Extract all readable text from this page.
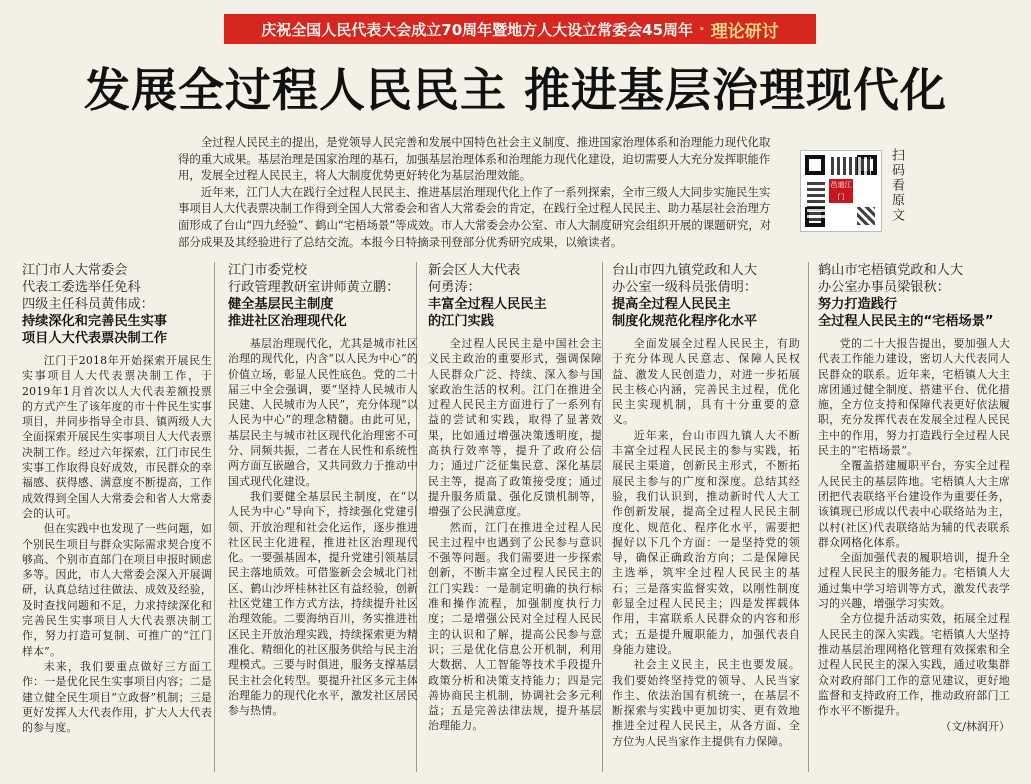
庆祝全国人民代表大会成立70周年暨地方人大设立常委会45周年 · 理论研讨
发展全过程人民民主 推进基层治理现代化

全过程人民民主的提出，是党领导人民完善和发展中国特色社会主义制度、推进国家治理体系和治理能力现代化取得的重大成果。基层治理是国家治理的基石，加强基层治理体系和治理能力现代化建设，迫切需要人大充分发挥职能作用，发展全过程人民民主，将人大制度优势更好转化为基层治理效能。

近年来，江门人大在践行全过程人民民主、推进基层治理现代化上作了一系列探索，全市三级人大同步实施民生实事项目人大代表票决制工作得到全国人大常委会和省人大常委会的肯定，在践行全过程人民民主、助力基层社会治理方面形成了台山“四九经验”、鹤山“宅梧场景”等成效。市人大常委会办公室、市人大制度研究会组织开展的课题研究，对部分成果及其经验进行了总结交流。本报今日特摘录刊登部分优秀研究成果，以飨读者。

邑道江门	扫码看原文
江门市人大常委会
代表工委选举任免科
四级主任科员黄伟成：
持续深化和完善民生实事
项目人大代表票决制工作

江门于2018年开始探索开展民生实事项目人大代表票决制工作，于2019年1月首次以人大代表差额投票的方式产生了该年度的市十件民生实事项目，并同步指导全市县、镇两级人大全面探索开展民生实事项目人大代表票决制工作。经过六年探索，江门市民生实事工作取得良好成效，市民群众的幸福感、获得感、满意度不断提高，工作成效得到全国人大常委会和省人大常委会的认可。

但在实践中也发现了一些问题，如个别民生项目与群众实际需求契合度不够高、个别市直部门在项目申报时顾虑多等。因此，市人大常委会深入开展调研，认真总结过往做法、成效及经验，及时查找问题和不足，力求持续深化和完善民生实事项目人大代表票决制工作，努力打造可复制、可推广的“江门样本”。

未来，我们要重点做好三方面工作：一是优化民生实事项目内容；二是建立健全民生项目“立政督”机制；三是更好发挥人大代表作用，扩大人大代表的参与度。

江门市委党校
行政管理教研室讲师黄立鹏：
健全基层民主制度
推进社区治理现代化

基层治理现代化，尤其是城市社区治理的现代化，内含“以人民为中心”的价值立场，彰显人民性底色。党的二十届三中全会强调，要“坚持人民城市人民建、人民城市为人民”，充分体现“以人民为中心”的理念精髓。由此可见，基层民主与城市社区现代化治理密不可分、同频共振，二者在人民性和系统性两方面互嵌融合，又共同致力于推动中国式现代化建设。

我们要健全基层民主制度，在“以人民为中心”导向下，持续强化党建引领、开放治理和社会化运作，逐步推进社区民主化进程，推进社区治理现代化。一要强基固本，提升党建引领基层民主落地质效。可借鉴新会会城北门社区、鹤山沙坪桂林社区有益经验，创新社区党建工作方式方法，持续提升社区治理效能。二要海纳百川，务实推进社区民主开放治理实践，持续探索更为精准化、精细化的社区服务供给与民主治理模式。三要与时俱进，服务支撑基层民主社会化转型。要提升社区多元主体治理能力的现代化水平，激发社区居民参与热情。

新会区人大代表
何勇涛：
丰富全过程人民民主
的江门实践

全过程人民民主是中国社会主义民主政治的重要形式，强调保障人民群众广泛、持续、深入参与国家政治生活的权利。江门在推进全过程人民民主方面进行了一系列有益的尝试和实践，取得了显著效果，比如通过增强决策透明度，提高执行效率等，提升了政府公信力；通过广泛征集民意、深化基层民主等，提高了政策接受度；通过提升服务质量、强化反馈机制等，增强了公民满意度。

然而，江门在推进全过程人民民主过程中也遇到了公民参与意识不强等问题。我们需要进一步探索创新，不断丰富全过程人民民主的江门实践：一是制定明确的执行标准和操作流程，加强制度执行力度；二是增强公民对全过程人民民主的认识和了解，提高公民参与意识；三是优化信息公开机制，利用大数据、人工智能等技术手段提升政策分析和决策支持能力；四是完善协商民主机制，协调社会多元利益；五是完善法律法规，提升基层治理能力。

台山市四九镇党政和人大
办公室一级科员张倩明：
提高全过程人民民主
制度化规范化程序化水平

全面发展全过程人民民主，有助于充分体现人民意志、保障人民权益、激发人民创造力，对进一步拓展民主核心内涵，完善民主过程，优化民主实现机制，具有十分重要的意义。

近年来，台山市四九镇人大不断丰富全过程人民民主的参与实践，拓展民主渠道，创新民主形式，不断拓展民主参与的广度和深度。总结其经验，我们认识到，推动新时代人大工作创新发展，提高全过程人民民主制度化、规范化、程序化水平，需要把握好以下几个方面：一是坚持党的领导，确保正确政治方向；二是保障民主选举，筑牢全过程人民民主的基石；三是落实监督实效，以刚性制度彰显全过程人民民主；四是发挥载体作用，丰富联系人民群众的内容和形式；五是提升履职能力，加强代表自身能力建设。

社会主义民主，民主也要发展。我们要始终坚持党的领导、人民当家作主、依法治国有机统一，在基层不断探索与实践中更加切实、更有效地推进全过程人民民主，从各方面、全方位为人民当家作主提供有力保障。

鹤山市宅梧镇党政和人大
办公室办事员梁银秋：
努力打造践行
全过程人民民主的“宅梧场景”

党的二十大报告提出，要加强人大代表工作能力建设，密切人大代表同人民群众的联系。近年来，宅梧镇人大主席团通过健全制度、搭建平台、优化措施，全方位支持和保障代表更好依法履职，充分发挥代表在发展全过程人民民主中的作用，努力打造践行全过程人民民主的“宅梧场景”。

全覆盖搭建履职平台，夯实全过程人民民主的基层阵地。宅梧镇人大主席团把代表联络平台建设作为重要任务，该镇现已形成以代表中心联络站为主，以村(社区)代表联络站为辅的代表联系群众网格化体系。

全面加强代表的履职培训，提升全过程人民民主的服务能力。宅梧镇人大通过集中学习培训等方式，激发代表学习的兴趣，增强学习实效。

全方位提升活动实效，拓展全过程人民民主的深入实践。宅梧镇人大坚持推动基层治理网格化管理有效探索和全过程人民民主的深入实践，通过收集群众对政府部门工作的意见建议，更好地监督和支持政府工作，推动政府部门工作水平不断提升。

（文/林润开）
